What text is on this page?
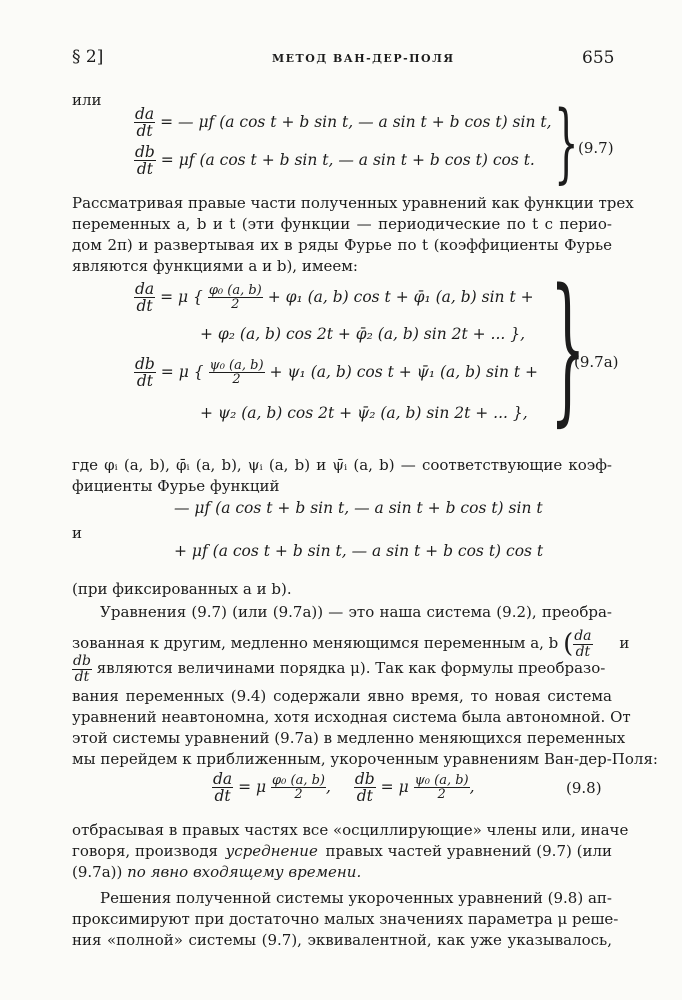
§ 2]	МЕТОД ВАН-ДЕР-ПОЛЯ	655
или
$\frac{da}{dt}$ = — μf (a cos t + b sin t, — a sin t + b cos t) sin t,
$\frac{db}{dt} = \mu f$ (a cos t + b sin t, — a sin t + b cos t) cos t. } (9.7)
Рассматривая правые части полученных уравнений как функции трех
переменных a, b и t (эти функции — периодические по t с перио-
дом 2π) и развертывая их в ряды Фурье по t (коэффициенты Фурье
являются функциями a и b), имеем:
$\frac{da}{dt} = \mu$ { $\frac{\text{φ₀ (a, b)}}{2} + \varphi_1$ (a, b) cos t + φ̄₁ (a, b) sin t +
+ φ₂ (a, b) cos 2t + φ̄₂ (a, b) sin 2t + ... },
$\frac{db}{dt} = \mu$ { $\frac{\text{ψ₀ (a, b)}}{2} + \psi_1$ (a, b) cos t + ψ̄₁ (a, b) sin t +
+ ψ₂ (a, b) cos 2t + ψ̄₂ (a, b) sin 2t + ... }, }
(9.7a)
где φᵢ (a, b), φ̄ᵢ (a, b), ψᵢ (a, b) и ψ̄ᵢ (a, b) — соответствующие коэф-
фициенты Фурье функций
— μf (a cos t + b sin t, — a sin t + b cos t) sin t
и
+ μf (a cos t + b sin t, — a sin t + b cos t) cos t
(при фиксированных a и b).
Уравнения (9.7) (или (9.7a)) — это наша система (9.2), преобра-
зованная к другим, медленно меняющимся переменным a, b ( $\frac{da}{dt}$ и
$\frac{db}{dt}$ являются величинами порядка μ). Так как формулы преобразо-
вания переменных (9.4) содержали явно время, то новая система
уравнений неавтономна, хотя исходная система была автономной. От
этой системы уравнений (9.7a) в медленно меняющихся переменных
мы перейдем к приближенным, укороченным уравнениям Ван-дер-Поля:
$\frac{da}{dt} = \mu \frac{\text{φ₀ (a, b)}}{2}$ , $\frac{db}{dt} = \mu \frac{\text{ψ₀ (a, b)}}{2}$ ,	(9.8)
отбрасывая в правых частях все «осциллирующие» члены или, иначе
говоря, производя усреднение правых частей уравнений (9.7) (или
(9.7a)) по явно входящему времени.
Решения полученной системы укороченных уравнений (9.8) ап-
проксимируют при достаточно малых значениях параметра μ реше-
ния «полной» системы (9.7), эквивалентной, как уже указывалось,
